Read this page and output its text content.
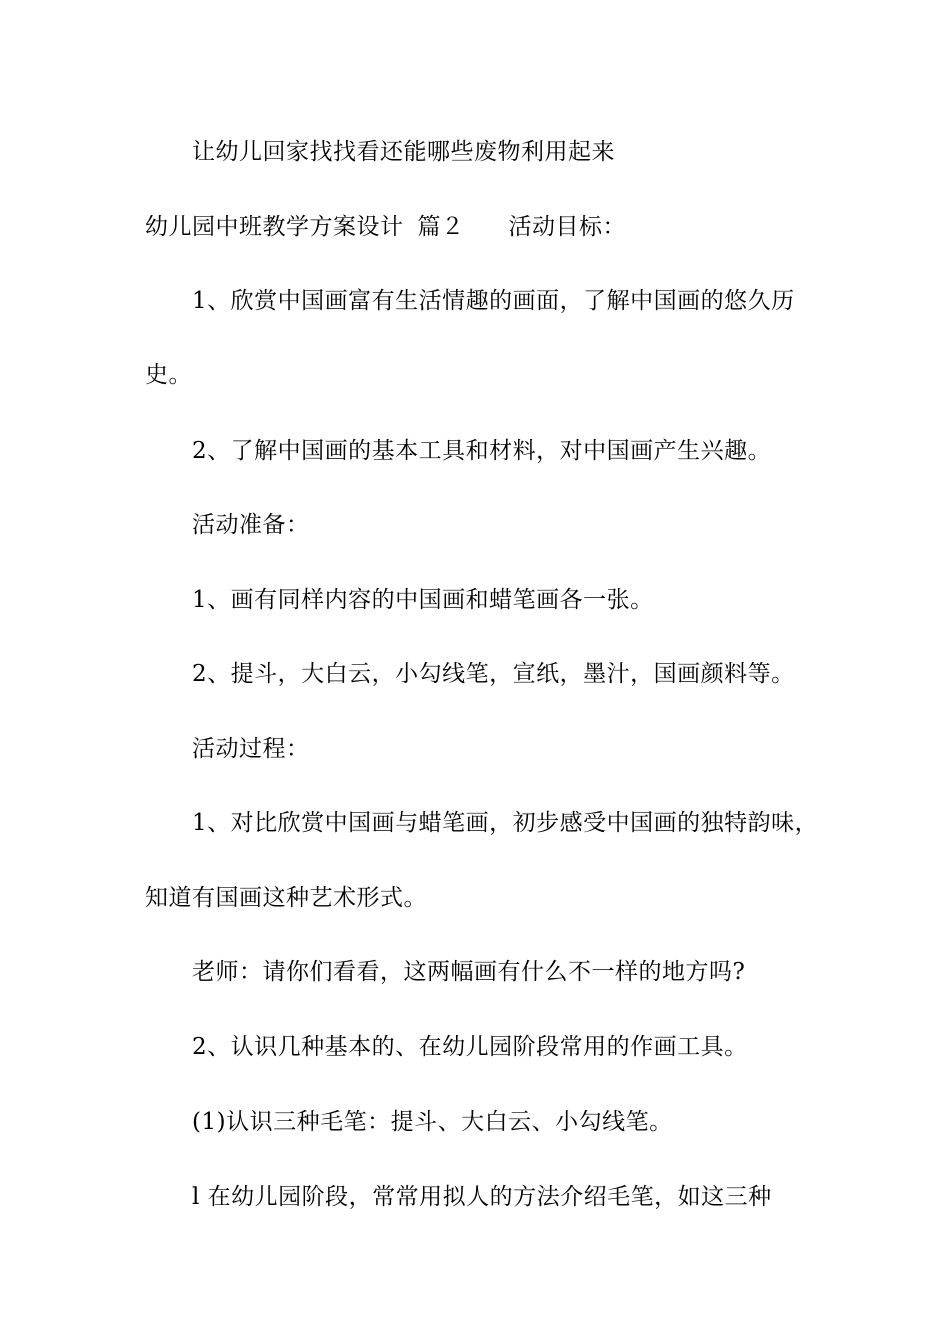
让幼儿回家找找看还能哪些废物利用起来
幼儿园中班教学方案设计 篇２ 活动目标：
1、欣赏中国画富有生活情趣的画面，了解中国画的悠久历
史。
2、了解中国画的基本工具和材料，对中国画产生兴趣。
活动准备：
1、画有同样内容的中国画和蜡笔画各一张。
2、提斗，大白云，小勾线笔，宣纸，墨汁，国画颜料等。
活动过程：
1、对比欣赏中国画与蜡笔画，初步感受中国画的独特韵味，
知道有国画这种艺术形式。
老师：请你们看看，这两幅画有什么不一样的地方吗?
2、认识几种基本的、在幼儿园阶段常用的作画工具。
(1)认识三种毛笔：提斗、大白云、小勾线笔。
l 在幼儿园阶段，常常用拟人的方法介绍毛笔，如这三种
